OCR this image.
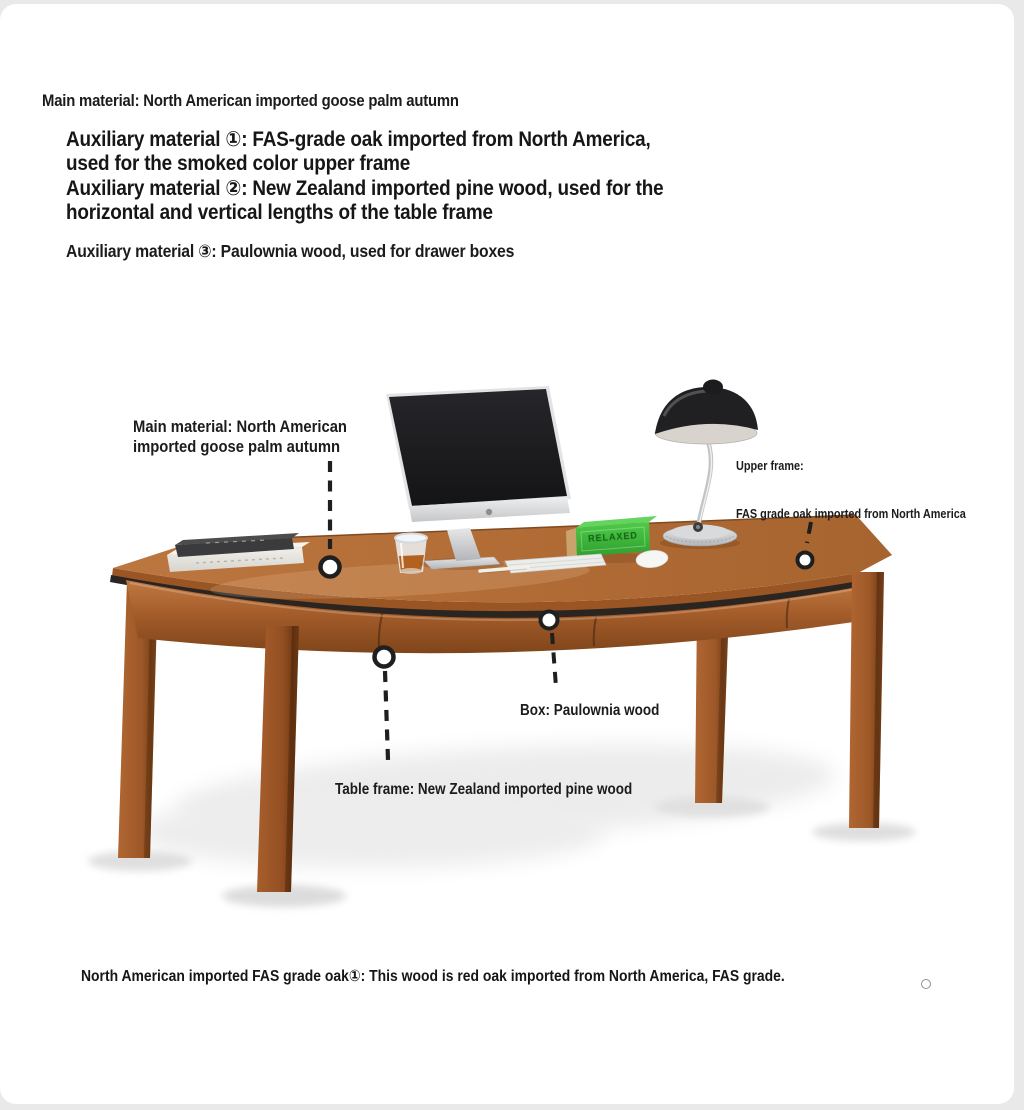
Main material: North American imported goose palm autumn
Auxiliary material ①: FAS-grade oak imported from North America,
used for the smoked color upper frame
Auxiliary material ②: New Zealand imported pine wood, used for the
horizontal and vertical lengths of the table frame
Auxiliary material ③: Paulownia wood, used for drawer boxes
Main material: North American
imported goose palm autumn
Upper frame:
FAS grade oak imported from North America
Box: Paulownia wood
Table frame: New Zealand imported pine wood
RELAXED
North American imported FAS grade oak①: This wood is red oak imported from North America, FAS grade.
